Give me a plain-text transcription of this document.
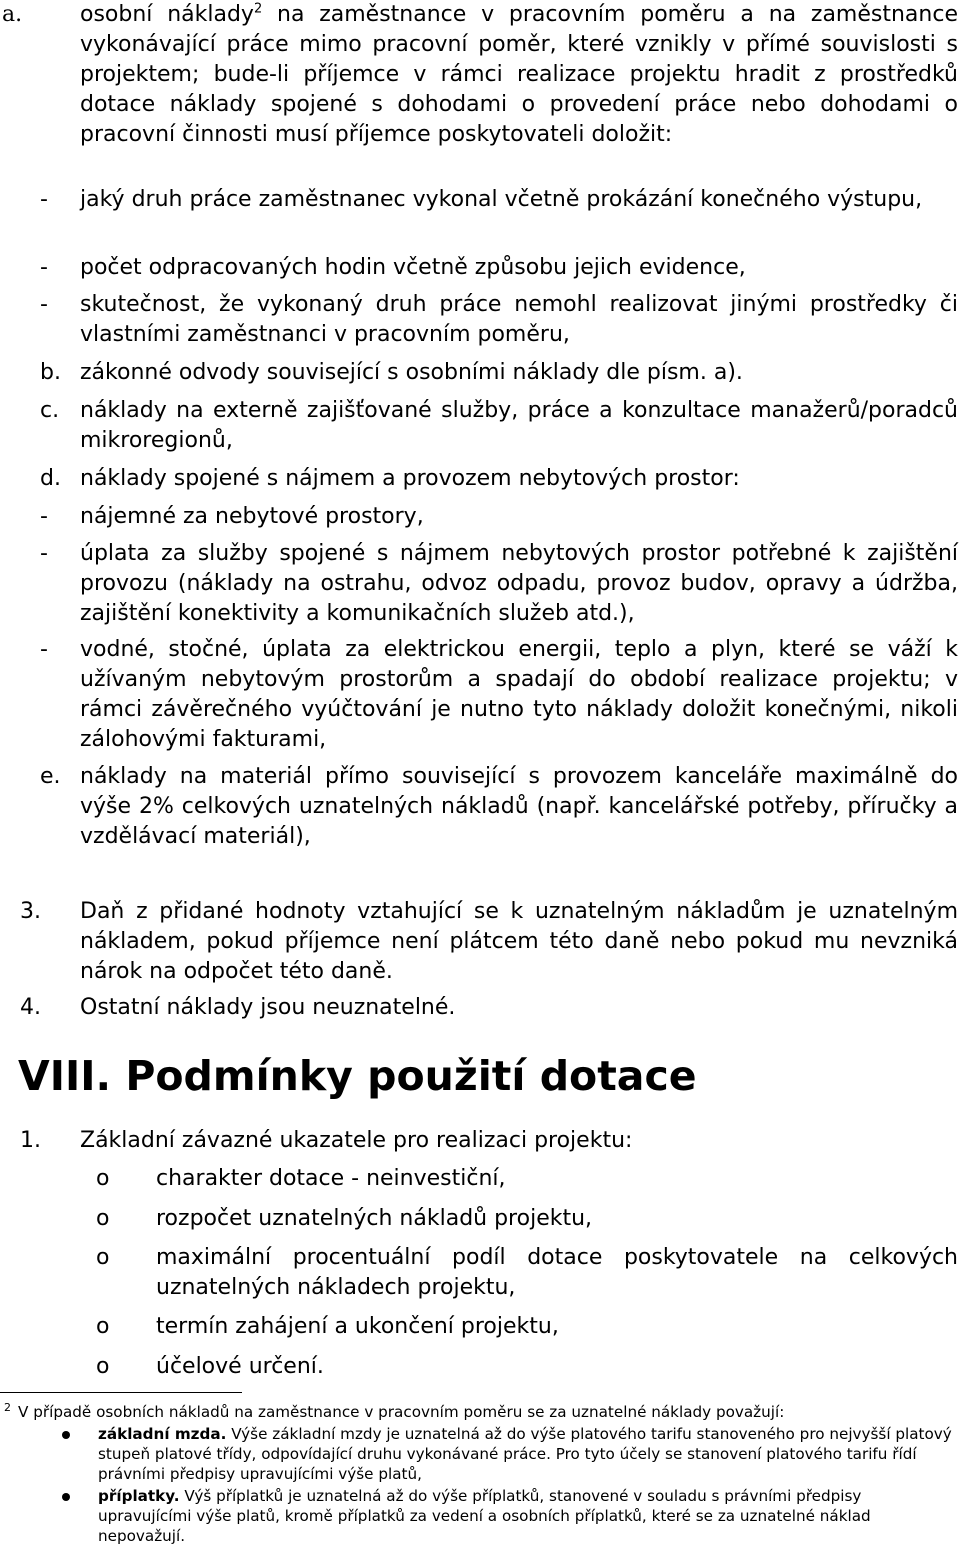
a.	osobní náklady$^2$ na zaměstnance v pracovním poměru a na zaměstnance vykonávající práce mimo pracovní poměr, které vznikly v přímé souvislosti s projektem; bude-li příjemce v rámci realizace projektu hradit z prostředků dotace náklady spojené s dohodami o provedení práce nebo dohodami o pracovní činnosti musí příjemce poskytovateli doložit:
- jaký druh práce zaměstnanec vykonal včetně prokázání konečného výstupu,
- počet odpracovaných hodin včetně způsobu jejich evidence,
- skutečnost, že vykonaný druh práce nemohl realizovat jinými prostředky či vlastními zaměstnanci v pracovním poměru,
b. zákonné odvody související s osobními náklady dle písm. a).
c. náklady na externě zajišťované služby, práce a konzultace manažerů/poradců mikroregionů,
d. náklady spojené s nájmem a provozem nebytových prostor:
- nájemné za nebytové prostory,
- úplata za služby spojené s nájmem nebytových prostor potřebné k zajištění provozu (náklady na ostrahu, odvoz odpadu, provoz budov, opravy a údržba, zajištění konektivity a komunikačních služeb atd.),
- vodné, stočné, úplata za elektrickou energii, teplo a plyn, které se váží k užívaným nebytovým prostorům a spadají do období realizace projektu; v rámci závěrečného vyúčtování je nutno tyto náklady doložit konečnými, nikoli zálohovými fakturami,
e. náklady na materiál přímo související s provozem kanceláře maximálně do výše 2% celkových uznatelných nákladů (např. kancelářské potřeby, příručky a vzdělávací materiál),
3. Daň z přidané hodnoty vztahující se k uznatelným nákladům je uznatelným nákladem, pokud příjemce není plátcem této daně nebo pokud mu nevzniká nárok na odpočet této daně.
4. Ostatní náklady jsou neuznatelné.
VIII. Podmínky použití dotace
1. Základní závazné ukazatele pro realizaci projektu:
o charakter dotace - neinvestiční,
o rozpočet uznatelných nákladů projektu,
o maximální procentuální podíl dotace poskytovatele na celkových uznatelných nákladech projektu,
o termín zahájení a ukončení projektu,
o účelové určení.
2 V případě osobních nákladů na zaměstnance v pracovním poměru se za uznatelné náklady považují:
základní mzda. Výše základní mzdy je uznatelná až do výše platového tarifu stanoveného pro nejvyšší platový stupeň platové třídy, odpovídající druhu vykonávané práce. Pro tyto účely se stanovení platového tarifu řídí právními předpisy upravujícími výše platů,
příplatky. Výš příplatků je uznatelná až do výše příplatků, stanovené v souladu s právními předpisy upravujícími výše platů, kromě příplatků za vedení a osobních příplatků, které se za uznatelné náklad nepovažují.
